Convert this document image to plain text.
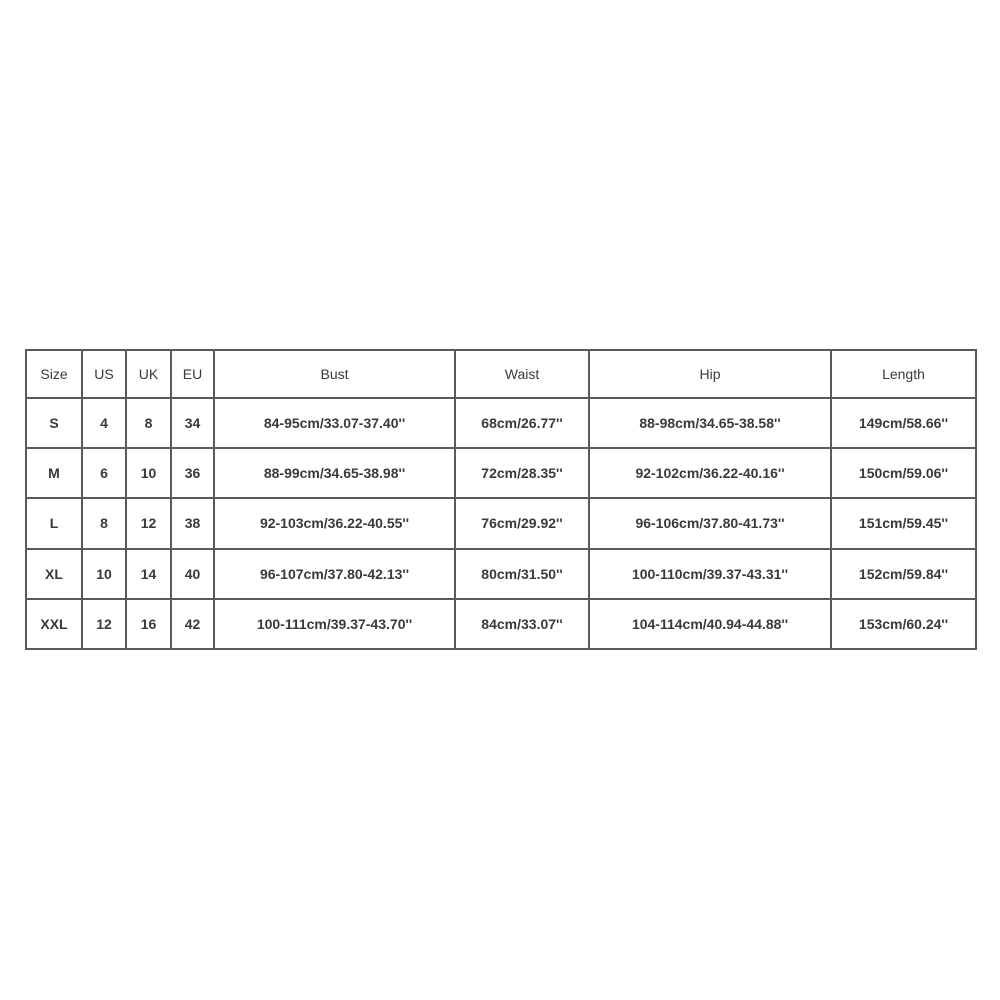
Size	US	UK	EU	Bust	Waist	Hip	Length
S	4	8	34	84-95cm/33.07-37.40''	68cm/26.77''	88-98cm/34.65-38.58''	149cm/58.66''
M	6	10	36	88-99cm/34.65-38.98''	72cm/28.35''	92-102cm/36.22-40.16''	150cm/59.06''
L	8	12	38	92-103cm/36.22-40.55''	76cm/29.92''	96-106cm/37.80-41.73''	151cm/59.45''
XL	10	14	40	96-107cm/37.80-42.13''	80cm/31.50''	100-110cm/39.37-43.31''	152cm/59.84''
XXL	12	16	42	100-111cm/39.37-43.70''	84cm/33.07''	104-114cm/40.94-44.88''	153cm/60.24''
